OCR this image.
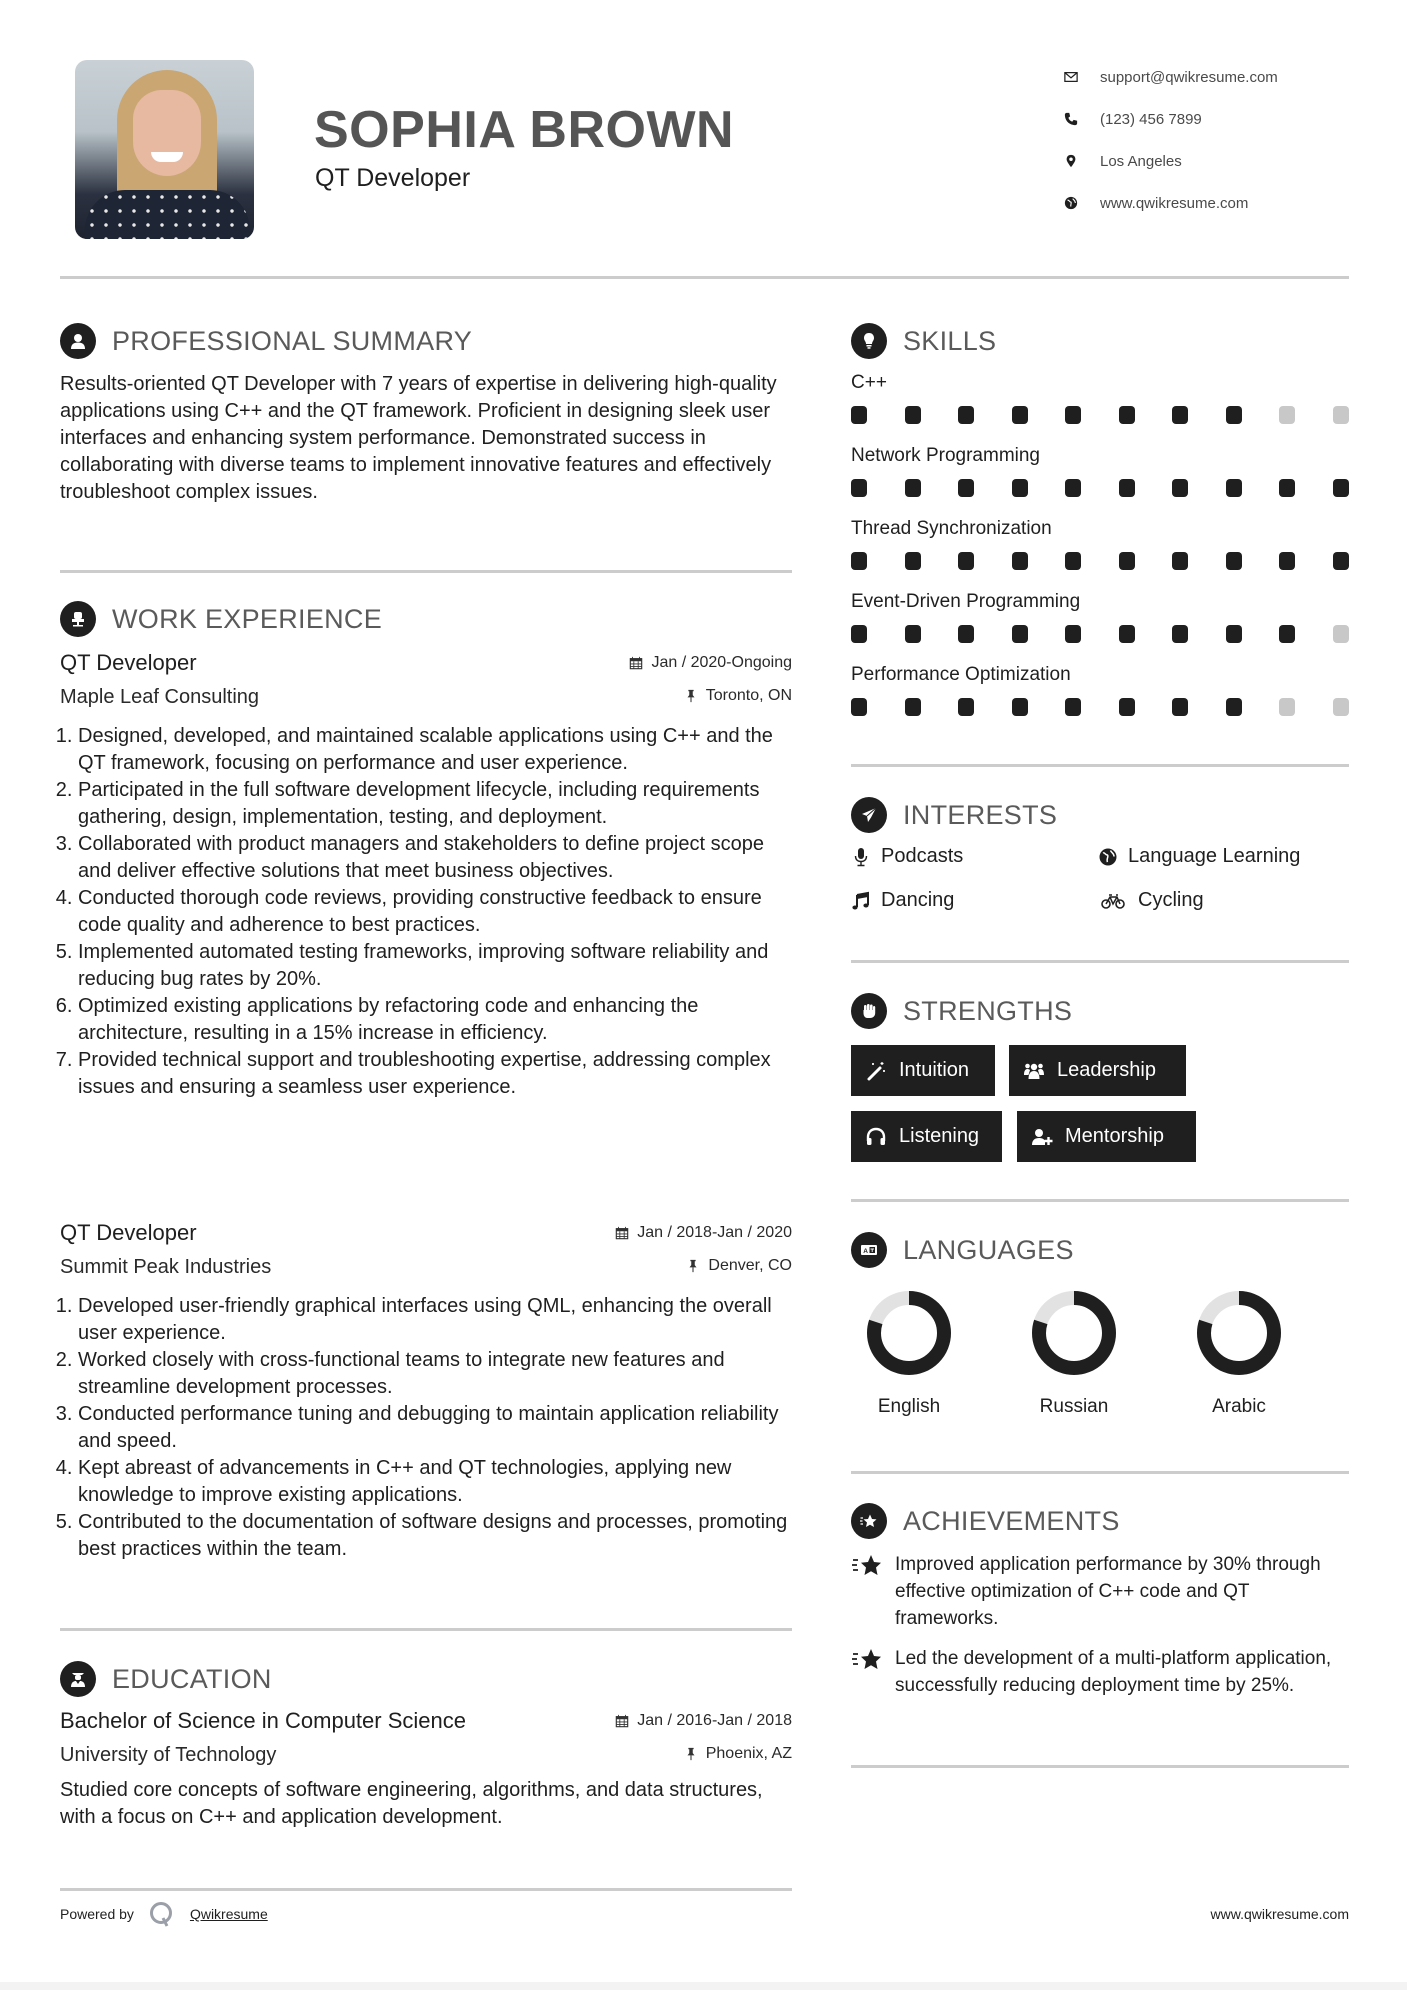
SOPHIA BROWN
QT Developer
support@qwikresume.com
(123) 456 7899
Los Angeles
www.qwikresume.com
PROFESSIONAL SUMMARY
Results-oriented QT Developer with 7 years of expertise in delivering high-quality applications using C++ and the QT framework. Proficient in designing sleek user interfaces and enhancing system performance. Demonstrated success in collaborating with diverse teams to implement innovative features and effectively troubleshoot complex issues.
WORK EXPERIENCE
QT Developer	Jan / 2020-Ongoing
Maple Leaf Consulting	Toronto, ON
1. Designed, developed, and maintained scalable applications using C++ and the QT framework, focusing on performance and user experience.
2. Participated in the full software development lifecycle, including requirements gathering, design, implementation, testing, and deployment.
3. Collaborated with product managers and stakeholders to define project scope and deliver effective solutions that meet business objectives.
4. Conducted thorough code reviews, providing constructive feedback to ensure code quality and adherence to best practices.
5. Implemented automated testing frameworks, improving software reliability and reducing bug rates by 20%.
6. Optimized existing applications by refactoring code and enhancing the architecture, resulting in a 15% increase in efficiency.
7. Provided technical support and troubleshooting expertise, addressing complex issues and ensuring a seamless user experience.
QT Developer	Jan / 2018-Jan / 2020
Summit Peak Industries	Denver, CO
1. Developed user-friendly graphical interfaces using QML, enhancing the overall user experience.
2. Worked closely with cross-functional teams to integrate new features and streamline development processes.
3. Conducted performance tuning and debugging to maintain application reliability and speed.
4. Kept abreast of advancements in C++ and QT technologies, applying new knowledge to improve existing applications.
5. Contributed to the documentation of software designs and processes, promoting best practices within the team.
EDUCATION
Bachelor of Science in Computer Science	Jan / 2016-Jan / 2018
University of Technology	Phoenix, AZ
Studied core concepts of software engineering, algorithms, and data structures, with a focus on C++ and application development.
SKILLS
C++
Network Programming
Thread Synchronization
Event-Driven Programming
Performance Optimization
INTERESTS
Podcasts	Language Learning
Dancing	Cycling
STRENGTHS
Intuition	Leadership
Listening	Mentorship
A LANGUAGES
English	Russian	Arabic
ACHIEVEMENTS
Improved application performance by 30% through effective optimization of C++ code and QT frameworks.
Led the development of a multi-platform application, successfully reducing deployment time by 25%.
Powered by	Qwikresume	www.qwikresume.com
